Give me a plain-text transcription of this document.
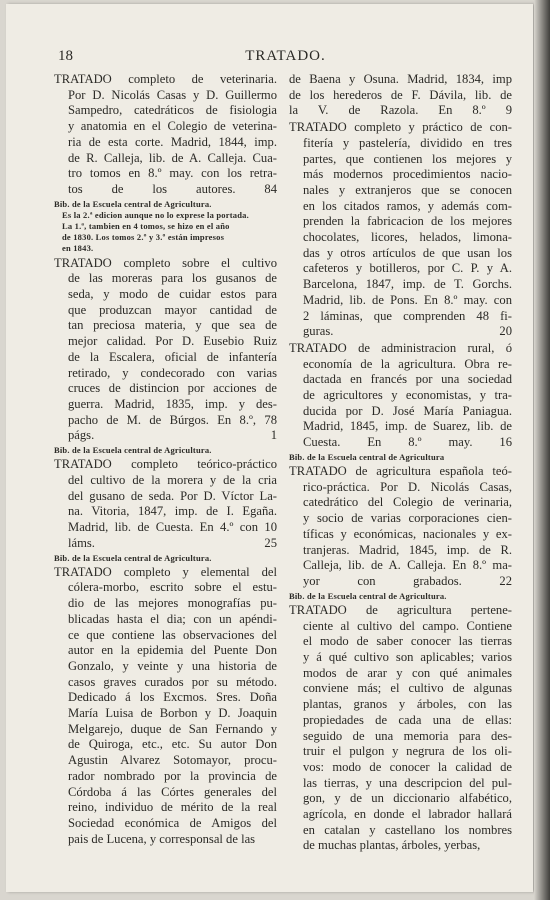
18	TRATADO.
TRATADO completo de veterinaria.
Por D. Nicolás Casas y D. Guillermo
Sampedro, catedráticos de fisiologia
y anatomia en el Colegio de veterina-
ria de esta corte. Madrid, 1844, imp.
de R. Calleja, lib. de A. Calleja. Cua-
tro tomos en 8.º may. con los retra-
tos de los autores. 84
Bib. de la Escuela central de Agricultura.
Es la 2.ª edicion aunque no lo exprese la portada.
La 1.ª, tambien en 4 tomos, se hizo en el año
de 1830. Los tomos 2.º y 3.º están impresos
en 1843.
TRATADO completo sobre el cultivo
de las moreras para los gusanos de
seda, y modo de cuidar estos para
que produzcan mayor cantidad de
tan preciosa materia, y que sea de
mejor calidad. Por D. Eusebio Ruiz
de la Escalera, oficial de infantería
retirado, y condecorado con varias
cruces de distincion por acciones de
guerra. Madrid, 1835, imp. y des-
pacho de M. de Búrgos. En 8.º, 78
págs. 1
Bib. de la Escuela central de Agricultura.
TRATADO completo teórico-práctico
del cultivo de la morera y de la cria
del gusano de seda. Por D. Víctor La-
na. Vitoria, 1847, imp. de I. Egaña.
Madrid, lib. de Cuesta. En 4.º con 10
láms. 25
Bib. de la Escuela central de Agricultura.
TRATADO completo y elemental del
cólera-morbo, escrito sobre el estu-
dio de las mejores monografías pu-
blicadas hasta el dia; con un apéndi-
ce que contiene las observaciones del
autor en la epidemia del Puente Don
Gonzalo, y veinte y una historia de
casos graves curados por su método.
Dedicado á los Excmos. Sres. Doña
María Luisa de Borbon y D. Joaquin
Melgarejo, duque de San Fernando y
de Quiroga, etc., etc. Su autor Don
Agustin Alvarez Sotomayor, procu-
rador nombrado por la provincia de
Córdoba á las Córtes generales del
reino, individuo de mérito de la real
Sociedad económica de Amigos del
pais de Lucena, y corresponsal de las
de Baena y Osuna. Madrid, 1834, imp
de los herederos de F. Dávila, lib. de
la V. de Razola. En 8.º 9
TRATADO completo y práctico de con-
fitería y pastelería, dividido en tres
partes, que contienen los mejores y
más modernos procedimientos nacio-
nales y extranjeros que se conocen
en los citados ramos, y además com-
prenden la fabricacion de los mejores
chocolates, licores, helados, limona-
das y otros artículos de que usan los
cafeteros y botilleros, por C. P. y A.
Barcelona, 1847, imp. de T. Gorchs.
Madrid, lib. de Pons. En 8.º may. con
2 láminas, que comprenden 48 fi-
guras. 20
TRATADO de administracion rural, ó
economía de la agricultura. Obra re-
dactada en francés por una sociedad
de agricultores y economistas, y tra-
ducida por D. José María Paniagua.
Madrid, 1845, imp. de Suarez, lib. de
Cuesta. En 8.º may. 16
Bib. de la Escuela central de Agricultura
TRATADO de agricultura española teó-
rico-práctica. Por D. Nicolás Casas,
catedrático del Colegio de verinaria,
y socio de varias corporaciones cien-
tíficas y económicas, nacionales y ex-
tranjeras. Madrid, 1845, imp. de R.
Calleja, lib. de A. Calleja. En 8.º ma-
yor con grabados. 22
Bib. de la Escuela central de Agricultura.
TRATADO de agricultura pertene-
ciente al cultivo del campo. Contiene
el modo de saber conocer las tierras
y á qué cultivo son aplicables; varios
modos de arar y con qué animales
conviene más; el cultivo de algunas
plantas, granos y árboles, con las
propiedades de cada una de ellas:
seguido de una memoria para des-
truir el pulgon y negrura de los oli-
vos: modo de conocer la calidad de
las tierras, y una descripcion del pul-
gon, y de un diccionario alfabético,
agrícola, en donde el labrador hallará
en catalan y castellano los nombres
de muchas plantas, árboles, yerbas,
